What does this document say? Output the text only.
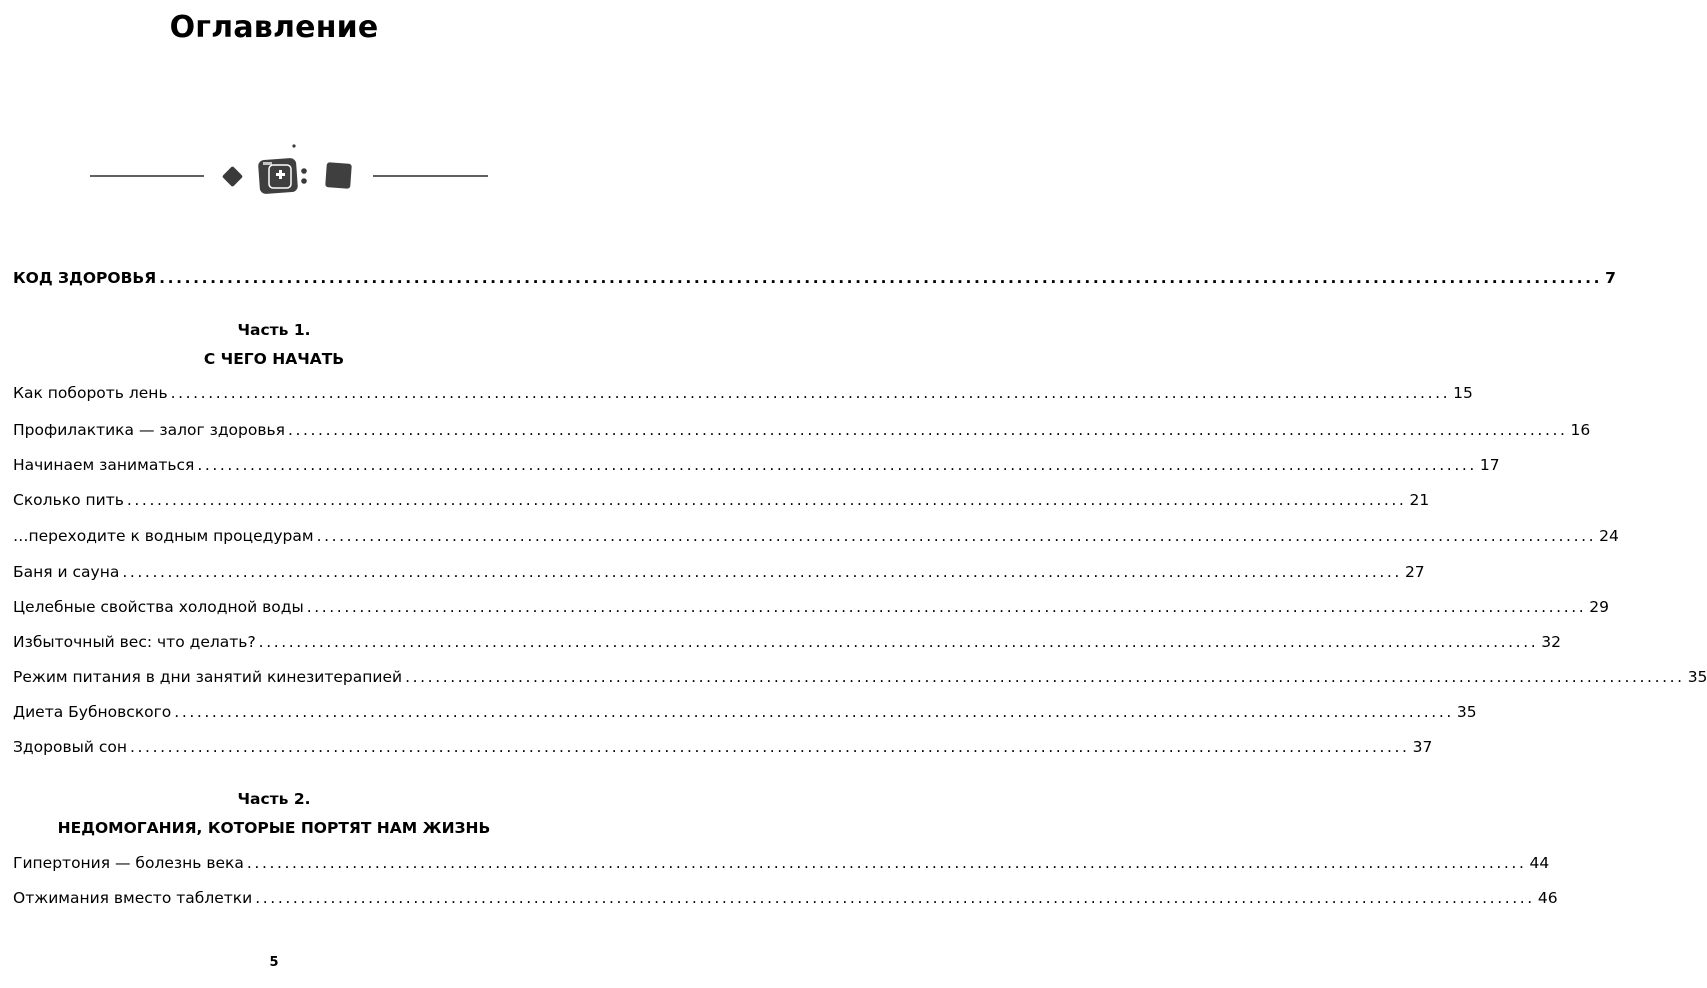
Оглавление
КОД ЗДОРОВЬЯ .......................................................................................................................................................................... 7
Часть 1.
С ЧЕГО НАЧАТЬ
Как побороть лень .......................................................................................................................................................................... 15
Профилактика — залог здоровья .......................................................................................................................................................................... 16
Начинаем заниматься .......................................................................................................................................................................... 17
Сколько пить .......................................................................................................................................................................... 21
…переходите к водным процедурам .......................................................................................................................................................................... 24
Баня и сауна .......................................................................................................................................................................... 27
Целебные свойства холодной воды .......................................................................................................................................................................... 29
Избыточный вес: что делать? .......................................................................................................................................................................... 32
Режим питания в дни занятий кинезитерапией .......................................................................................................................................................................... 35
Диета Бубновского .......................................................................................................................................................................... 35
Здоровый сон .......................................................................................................................................................................... 37
Часть 2.
НЕДОМОГАНИЯ, КОТОРЫЕ ПОРТЯТ НАМ ЖИЗНЬ
Гипертония — болезнь века .......................................................................................................................................................................... 44
Отжимания вместо таблетки .......................................................................................................................................................................... 46
5
